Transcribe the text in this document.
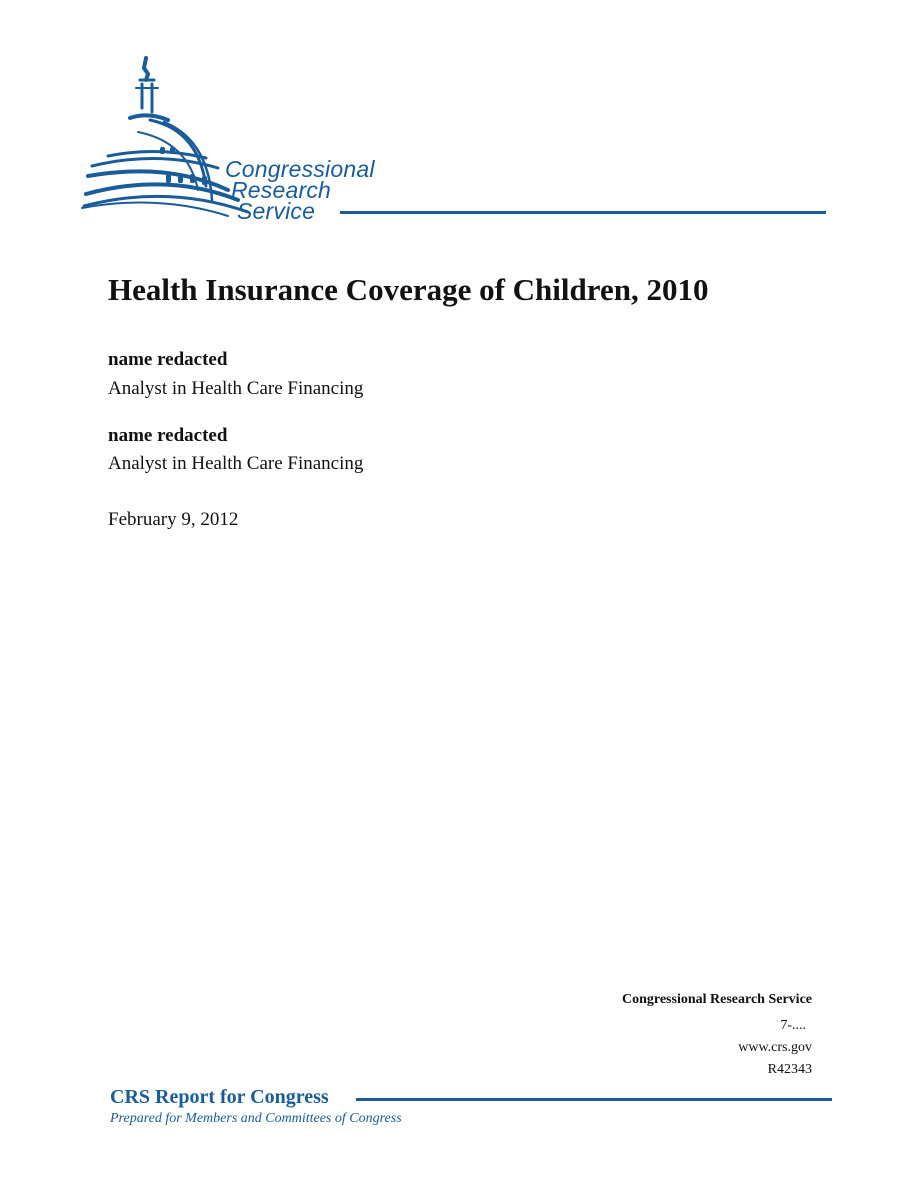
Congressional
Research
Service
Health Insurance Coverage of Children, 2010
name redacted
Analyst in Health Care Financing
name redacted
Analyst in Health Care Financing
February 9, 2012
Congressional Research Service
7-....
www.crs.gov
R42343
CRS Report for Congress
Prepared for Members and Committees of Congress
